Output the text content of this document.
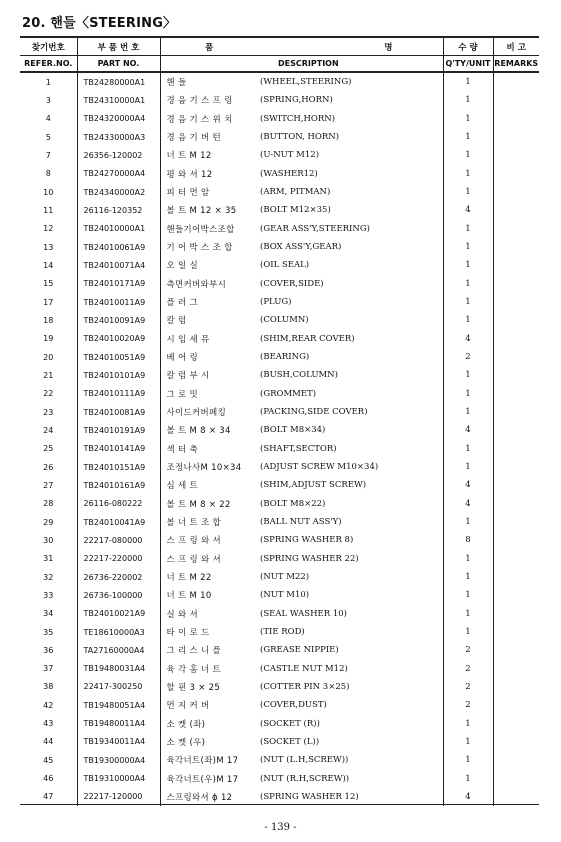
20. 핸들〈STEERING〉
찾기번호	부 품 번 호	품	명	수 량	비 고
REFER.NO.	PART NO.		DESCRIPTION	Q'TY/UNIT	REMARKS
1	TB24280000A1	핸 들	(WHEEL,STEERING)	1	
3	TB24310000A1	경 음 기 스 프 링	(SPRING,HORN)	1	
4	TB24320000A4	경 음 기 스 위 치	(SWITCH,HORN)	1	
5	TB24330000A3	경 음 기 버 턴	(BUTTON, HORN)	1	
7	26356-120002	너 트 M 12	(U-NUT M12)	1	
8	TB24270000A4	평 와 셔 12	(WASHER12)	1	
10	TB24340000A2	피 터 먼 암	(ARM, PITMAN)	1	
11	26116-120352	볼 트 M 12 × 35	(BOLT M12×35)	4	
12	TB24010000A1	핸들기어박스조합	(GEAR ASS'Y,STEERING)	1	
13	TB24010061A9	기 어 박 스 조 합	(BOX ASS'Y,GEAR)	1	
14	TB24010071A4	오 일 실	(OIL SEAL)	1	
15	TB24010171A9	측면커버와부시	(COVER,SIDE)	1	
17	TB24010011A9	플 러 그	(PLUG)	1	
18	TB24010091A9	칼 럼	(COLUMN)	1	
19	TB24010020A9	시 임 세 뮤	(SHIM,REAR COVER)	4	
20	TB24010051A9	베 어 링	(BEARING)	2	
21	TB24010101A9	칼 럼 부 시	(BUSH,COLUMN)	1	
22	TB24010111A9	그 로 밋	(GROMMET)	1	
23	TB24010081A9	사이드커버페킹	(PACKING,SIDE COVER)	1	
24	TB24010191A9	볼 트 M 8 × 34	(BOLT M8×34)	4	
25	TB24010141A9	섹 터 축	(SHAFT,SECTOR)	1	
26	TB24010151A9	조정나사M 10×34	(ADJUST SCREW M10×34)	1	
27	TB24010161A9	심 세 트	(SHIM,ADJUST SCREW)	4	
28	26116-080222	볼 트 M 8 × 22	(BOLT M8×22)	4	
29	TB24010041A9	볼 너 트 조 합	(BALL NUT ASS'Y)	1	
30	22217-080000	스 프 링 와 셔	(SPRING WASHER 8)	8	
31	22217-220000	스 프 링 와 셔	(SPRING WASHER 22)	1	
32	26736-220002	너 트 M 22	(NUT M22)	1	
33	26736-100000	너 트 M 10	(NUT M10)	1	
34	TB24010021A9	실 와 셔	(SEAL WASHER 10)	1	
35	TE18610000A3	타 이 로 드	(TIE ROD)	1	
36	TA27160000A4	그 리 스 니 플	(GREASE NIPPIE)	2	
37	TB19480031A4	육 각 홈 너 트	(CASTLE NUT M12)	2	
38	22417-300250	할 핀 3 × 25	(COTTER PIN 3×25)	2	
42	TB19480051A4	먼 지 커 버	(COVER,DUST)	2	
43	TB19480011A4	소 켓 (좌)	(SOCKET (R))	1	
44	TB19340011A4	소 켓 (우)	(SOCKET (L))	1	
45	TB19300000A4	육각너트(좌)M 17	(NUT (L.H,SCREW))	1	
46	TB19310000A4	육각너트(우)M 17	(NUT (R.H,SCREW))	1	
47	22217-120000	스프링와셔 ϕ 12	(SPRING WASHER 12)	4	
- 139 -
